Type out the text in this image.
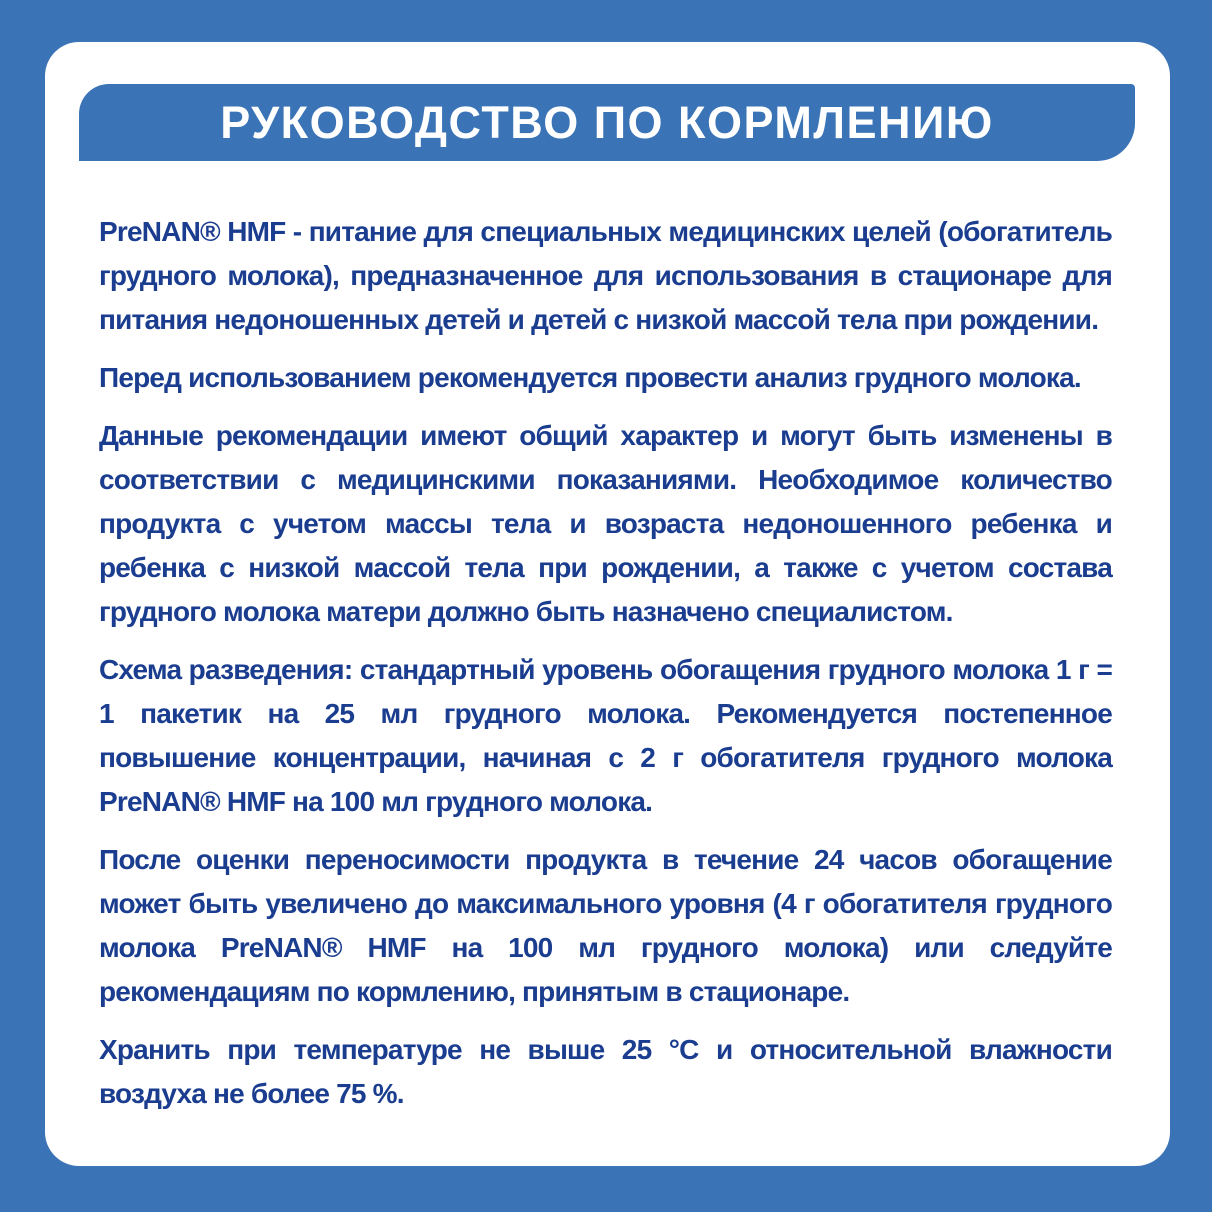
РУКОВОДСТВО ПО КОРМЛЕНИЮ

PreNAN® HMF - питание для специальных медицинских целей (обогатитель грудного молока), предназначенное для использования в стационаре для питания недоношенных детей и детей с низкой массой тела при рождении.

Перед использованием рекомендуется провести анализ грудного молока.

Данные рекомендации имеют общий характер и могут быть изменены в соответствии с медицинскими показаниями. Необходимое количество продукта с учетом массы тела и возраста недоношенного ребенка и ребенка с низкой массой тела при рождении, а также с учетом состава грудного молока матери должно быть назначено специалистом.

Схема разведения: стандартный уровень обогащения грудного молока 1 г = 1 пакетик на 25 мл грудного молока. Рекомендуется постепенное повышение концентрации, начиная с 2 г обогатителя грудного молока PreNAN® HMF на 100 мл грудного молока.

После оценки переносимости продукта в течение 24 часов обогащение может быть увеличено до максимального уровня (4 г обогатителя грудного молока PreNAN® HMF на 100 мл грудного молока) или следуйте рекомендациям по кормлению, принятым в стационаре.

Хранить при температуре не выше 25 °С и относительной влажности воздуха не более 75 %.
